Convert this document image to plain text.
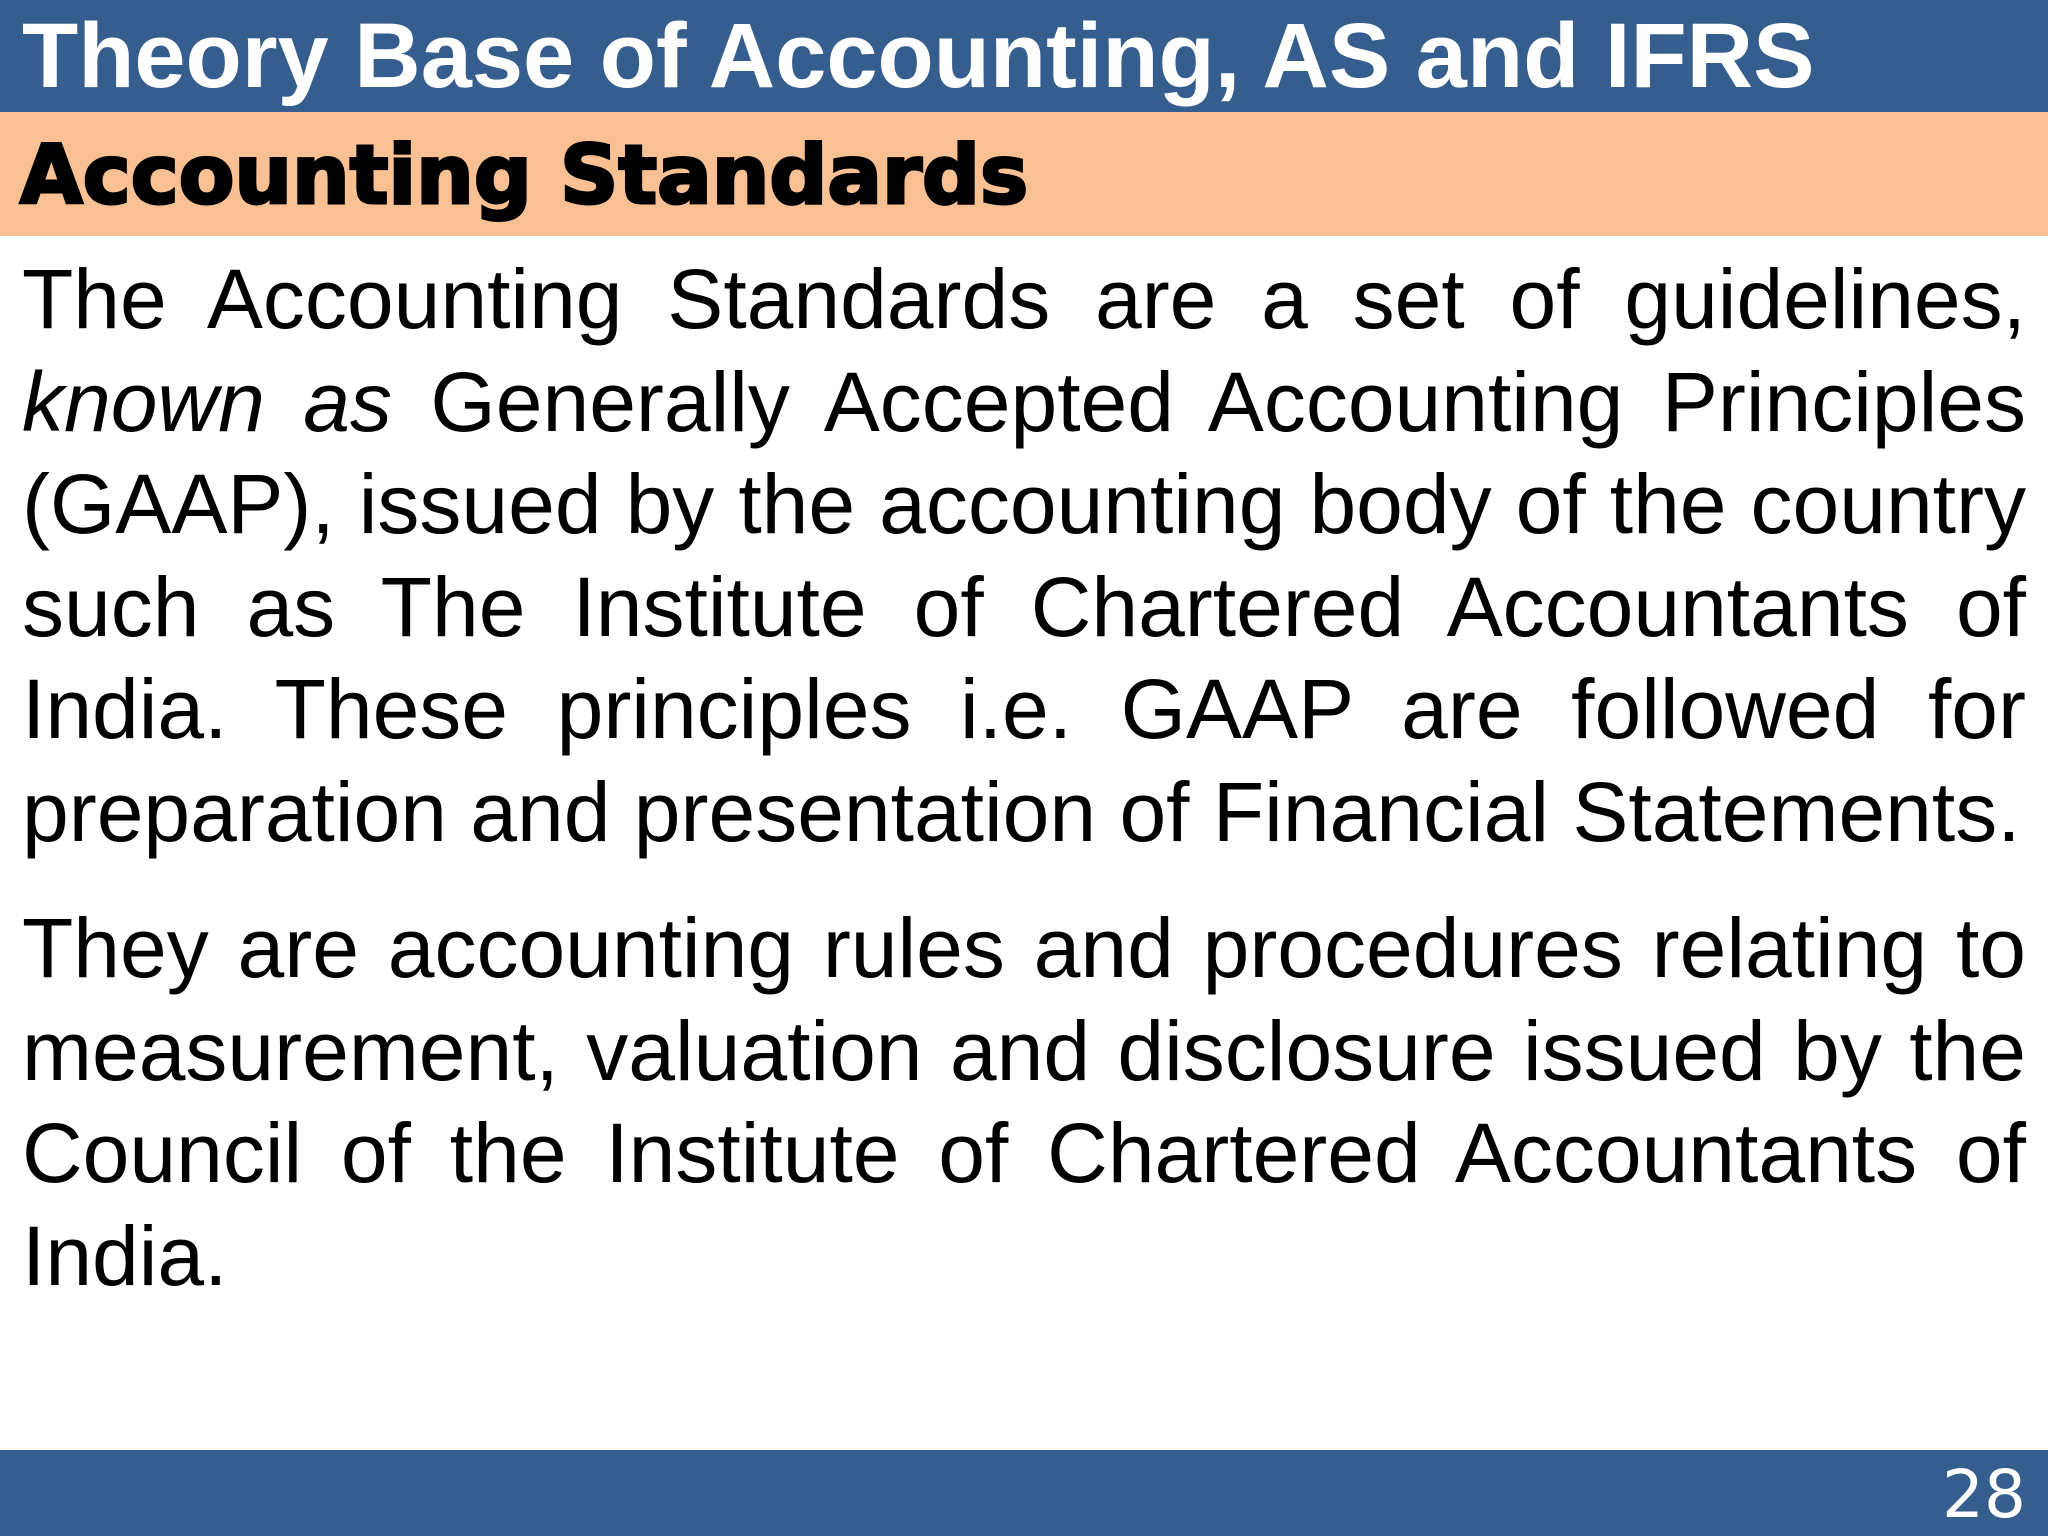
Theory Base of Accounting, AS and IFRS
Accounting Standards

The Accounting Standards are a set of guidelines, known as Generally Accepted Accounting Principles (GAAP), issued by the accounting body of the country such as The Institute of Chartered Accountants of India. These principles i.e. GAAP are followed for preparation and presentation of Financial Statements.

They are accounting rules and procedures relating to measurement, valuation and disclosure issued by the Council of the Institute of Chartered Accountants of India.

28
